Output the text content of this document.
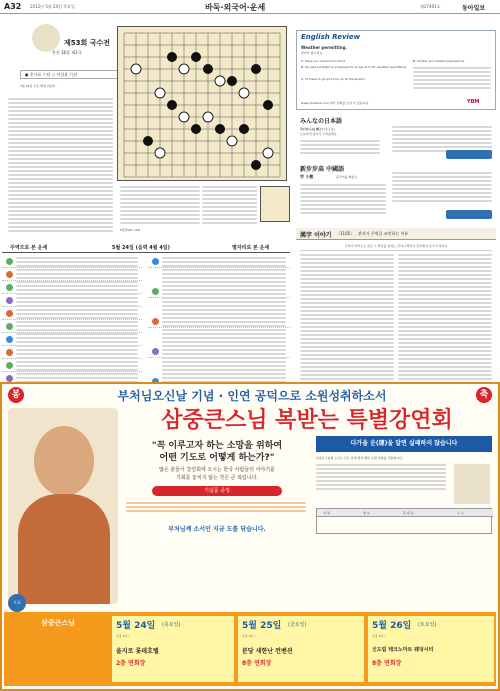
A32 2012년 5월 24일 목요일	바둑·외국어·운세	제27491호	동아일보
제53회 국수전
본선 16강 제2국
● 홍기표 六단 ○ 이상훈 九단
5월 24일 수순 해설 3장면 ·

5장면(51~63)
English Review
Weather permitting.
날씨가 좋으면요.
A: Have you heard from Tom?
B: He said his flight is scheduled to arrive at 5:30, weather permitting.
A: I'll have to go pick him up at the airport.
B: Similar and related expressions

www.ybmsisa.com 에서 강의를 보실 수 있습니다	YBM
みんなの日本語
今日からは 雨ということ。
오늘부터 장마가 시작된대요.

新步步高 中國語
学 小敏	중국어를 배워요

주역으로 본 운세	5월 24일 (음력 4월 4일)	별자리로 본 운세

漢字 이야기 〈1105〉 관자가 주역을 조언하는 이유
군자가 바라보는 것은 그 뿌리를 살피는 것이니 뿌리가 튼튼해야 잎이 무성하다

봉	축
부처님오신날 기념 · 인연 공덕으로 소원성취하소서
무료
삼중큰스님 복받는 특별강연회
"꼭 이루고자 하는 소망을 위하여
어떤 기도로 어떻게 하는가?"
많은 분들이 강연회에 오시는 한국 사람들의 이야기를
기회를 놓치지 않는 것은 큰 복입니다.
기념품 증정

부처님께 소서인 지금 도를 닦습니다.
다가올 운(運)을 알면 실패하지 않습니다
삼중큰스님의 오시는 모든 분께 정성 행복 소원 성취를 기원합니다

성 명	생 일	휴 대 폰	주 소
5월 24일 (목요일)
오후 2시~
을지로 롯데호텔
2층 연회장
5월 25일 (금요일)
오후 2시~
분당 새한난 컨벤션
8층 연회장
5월 26일 (토요일)
오후 2시~
신도림 테크노마트 웨딩시티
8층 연회장
삼중큰스님
